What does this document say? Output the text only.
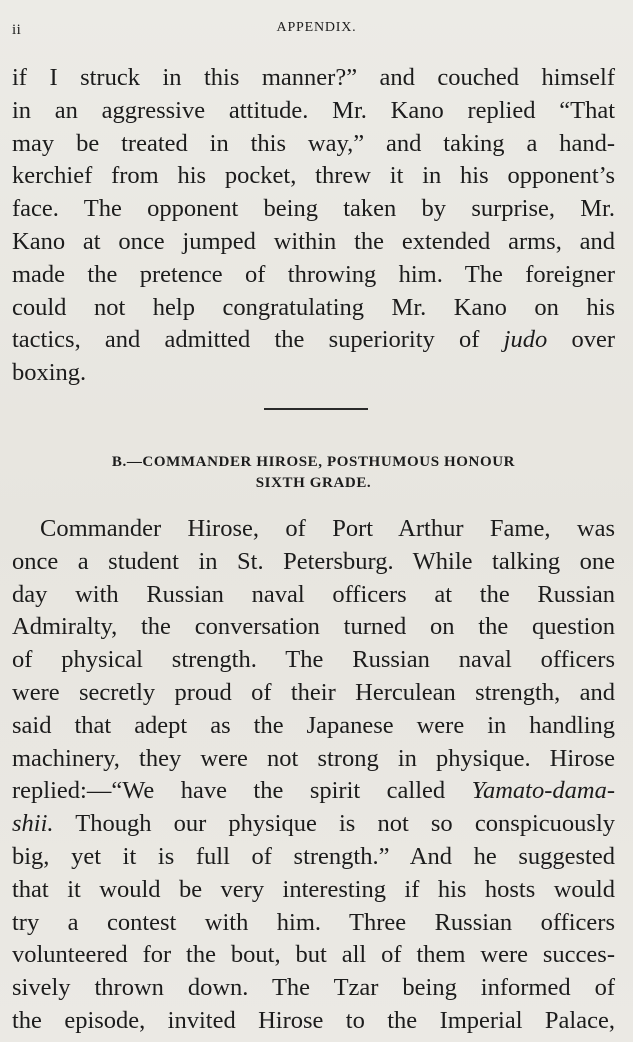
ii	APPENDIX.
if I struck in this manner?” and couched himself
in an aggressive attitude. Mr. Kano replied “That
may be treated in this way,” and taking a hand-
kerchief from his pocket, threw it in his opponent’s
face. The opponent being taken by surprise, Mr.
Kano at once jumped within the extended arms, and
made the pretence of throwing him. The foreigner
could not help congratulating Mr. Kano on his
tactics, and admitted the superiority of judo over
boxing.
B.—COMMANDER HIROSE, POSTHUMOUS HONOUR
SIXTH GRADE.
Commander Hirose, of Port Arthur Fame, was
once a student in St. Petersburg. While talking one
day with Russian naval officers at the Russian
Admiralty, the conversation turned on the question
of physical strength. The Russian naval officers
were secretly proud of their Herculean strength, and
said that adept as the Japanese were in handling
machinery, they were not strong in physique. Hirose
replied:—“We have the spirit called Yamato-dama-
shii. Though our physique is not so conspicuously
big, yet it is full of strength.” And he suggested
that it would be very interesting if his hosts would
try a contest with him. Three Russian officers
volunteered for the bout, but all of them were succes-
sively thrown down. The Tzar being informed of
the episode, invited Hirose to the Imperial Palace,
